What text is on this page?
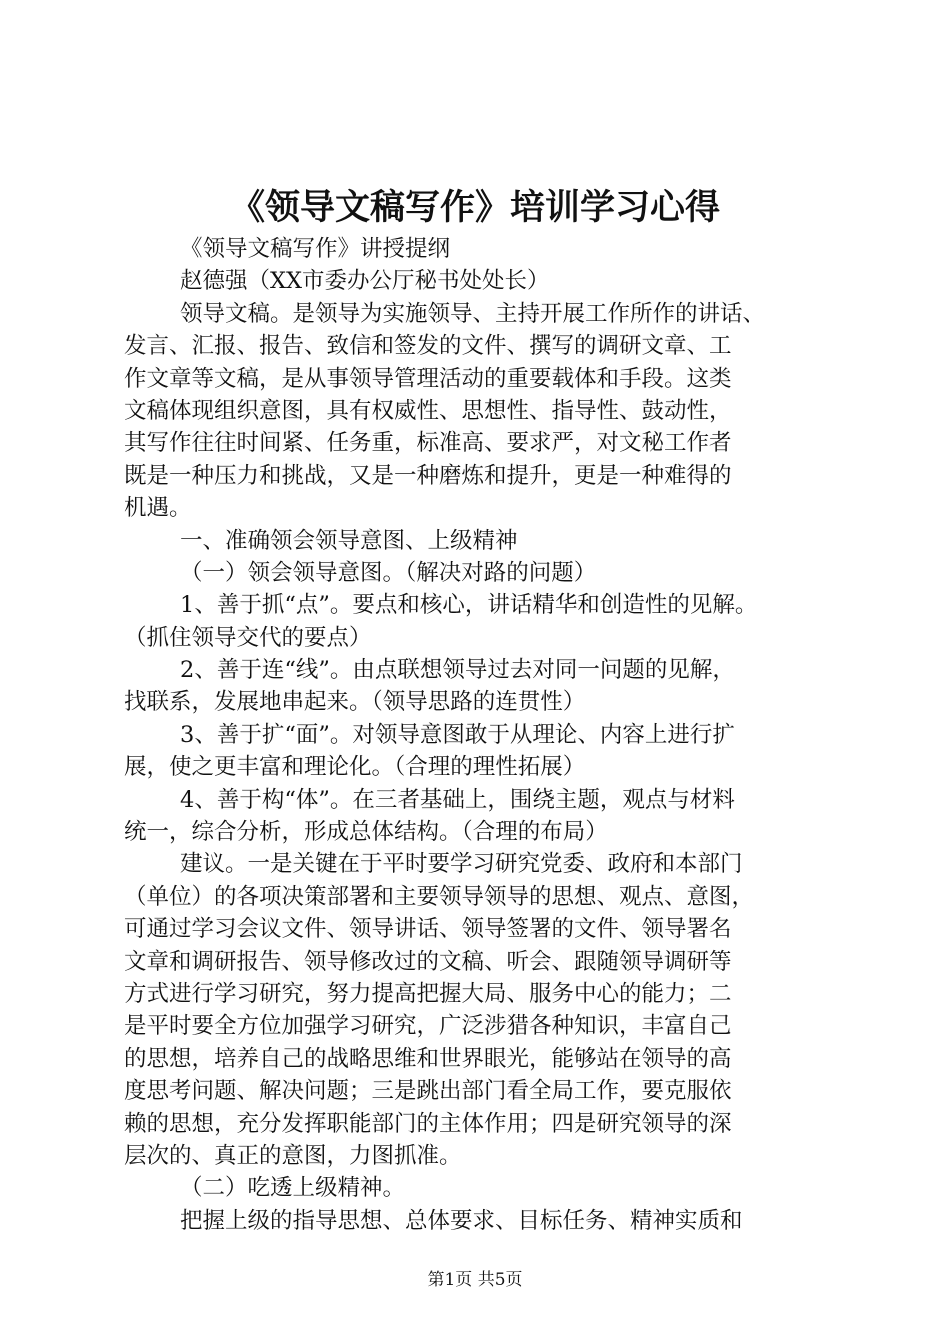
《领导文稿写作》培训学习心得
《领导文稿写作》讲授提纲
赵德强（XX市委办公厅秘书处处长）
领导文稿。是领导为实施领导、主持开展工作所作的讲话、
发言、汇报、报告、致信和签发的文件、撰写的调研文章、工
作文章等文稿，是从事领导管理活动的重要载体和手段。这类
文稿体现组织意图，具有权威性、思想性、指导性、鼓动性，
其写作往往时间紧、任务重，标准高、要求严，对文秘工作者
既是一种压力和挑战，又是一种磨炼和提升，更是一种难得的
机遇。
一、准确领会领导意图、上级精神
（一）领会领导意图。（解决对路的问题）
1、善于抓“点”。要点和核心，讲话精华和创造性的见解。
（抓住领导交代的要点）
2、善于连“线”。由点联想领导过去对同一问题的见解，
找联系，发展地串起来。（领导思路的连贯性）
3、善于扩“面”。对领导意图敢于从理论、内容上进行扩
展，使之更丰富和理论化。（合理的理性拓展）
4、善于构“体”。在三者基础上，围绕主题，观点与材料
统一，综合分析，形成总体结构。（合理的布局）
建议。一是关键在于平时要学习研究党委、政府和本部门
（单位）的各项决策部署和主要领导领导的思想、观点、意图，
可通过学习会议文件、领导讲话、领导签署的文件、领导署名
文章和调研报告、领导修改过的文稿、听会、跟随领导调研等
方式进行学习研究，努力提高把握大局、服务中心的能力；二
是平时要全方位加强学习研究，广泛涉猎各种知识，丰富自己
的思想，培养自己的战略思维和世界眼光，能够站在领导的高
度思考问题、解决问题；三是跳出部门看全局工作，要克服依
赖的思想，充分发挥职能部门的主体作用；四是研究领导的深
层次的、真正的意图，力图抓准。
（二）吃透上级精神。
把握上级的指导思想、总体要求、目标任务、精神实质和
第1页 共5页
